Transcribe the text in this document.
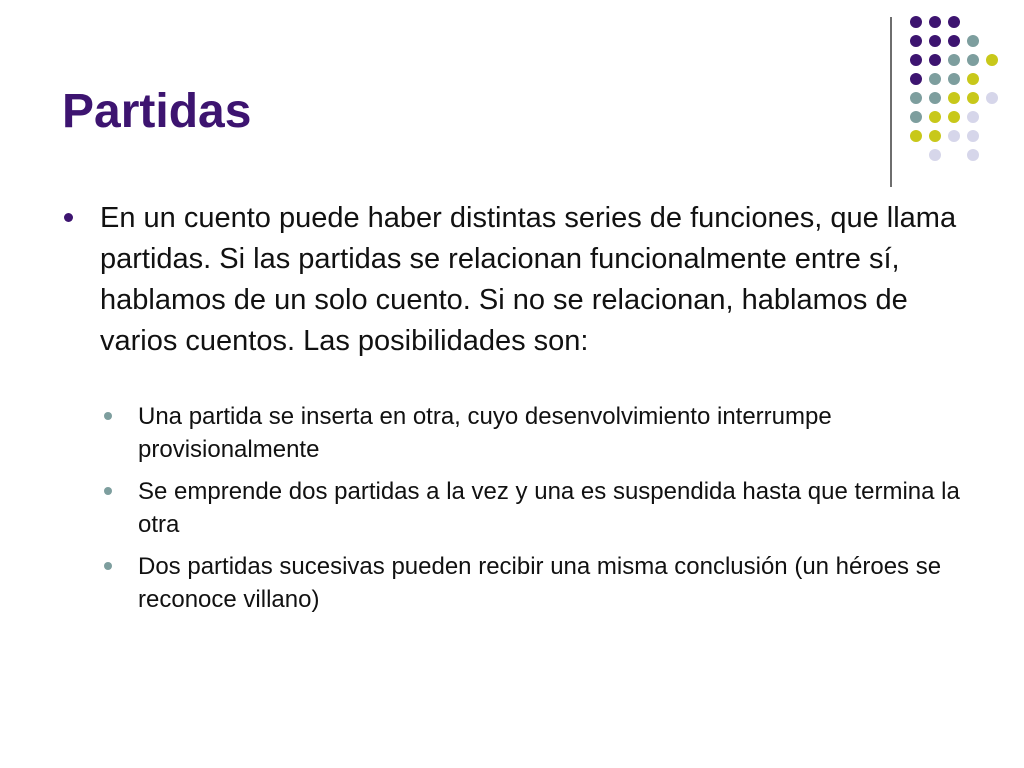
Partidas
En un cuento puede haber distintas series de funciones, que llama partidas. Si las partidas se relacionan funcionalmente entre sí, hablamos de un solo cuento. Si no se relacionan, hablamos de varios cuentos. Las posibilidades son:
Una partida se inserta en otra, cuyo desenvolvimiento interrumpe provisionalmente
Se emprende dos partidas a la vez y una es suspendida hasta que termina la otra
Dos partidas sucesivas pueden recibir una misma conclusión (un héroes se reconoce villano)
